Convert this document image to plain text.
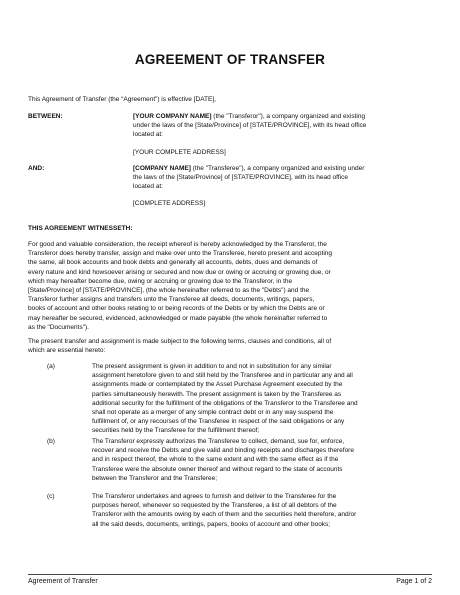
AGREEMENT OF TRANSFER
This Agreement of Transfer (the “Agreement”) is effective [DATE],
BETWEEN:	[YOUR COMPANY NAME] (the "Transferor"), a company organized and existing
under the laws of the [State/Province] of [STATE/PROVINCE], with its head office
located at:
[YOUR COMPLETE ADDRESS]
AND:	[COMPANY NAME] (the "Transferee"), a company organized and existing under
the laws of the [State/Province] of [STATE/PROVINCE], with its head office
located at:
[COMPLETE ADDRESS]
THIS AGREEMENT WITNESSETH:
For good and valuable consideration, the receipt whereof is hereby acknowledged by the Transferor, the
Transferor does hereby transfer, assign and make over unto the Transferee, hereto present and accepting
the same, all book accounts and book debts and generally all accounts, debts, dues and demands of
every nature and kind howsoever arising or secured and now due or owing or accruing or growing due, or
which may hereafter become due, owing or accruing or growing due to the Transferor, in the
[State/Province] of [STATE/PROVINCE], (the whole hereinafter referred to as the "Debts") and the
Transferor further assigns and transfers unto the Transferee all deeds, documents, writings, papers,
books of account and other books relating to or being records of the Debts or by which the Debts are or
may hereafter be secured, evidenced, acknowledged or made payable (the whole hereinafter referred to
as the "Documents").
The present transfer and assignment is made subject to the following terms, clauses and conditions, all of
which are essential hereto:
(a)	The present assignment is given in addition to and not in substitution for any similar
assignment heretofore given to and still held by the Transferee and in particular any and all
assignments made or contemplated by the Asset Purchase Agreement executed by the
parties simultaneously herewith. The present assignment is taken by the Transferee as
additional security for the fulfillment of the obligations of the Transferor to the Transferee and
shall not operate as a merger of any simple contract debt or in any way suspend the
fulfillment of, or any recourses of the Transferee in respect of the said obligations or any
securities held by the Transferee for the fulfillment thereof;
(b)	The Transferor expressly authorizes the Transferee to collect, demand, sue for, enforce,
recover and receive the Debts and give valid and binding receipts and discharges therefore
and in respect thereof, the whole to the same extent and with the same effect as if the
Transferee were the absolute owner thereof and without regard to the state of accounts
between the Transferor and the Transferee;
(c)	The Transferor undertakes and agrees to furnish and deliver to the Transferee for the
purposes hereof, whenever so requested by the Transferee, a list of all debtors of the
Transferor with the amounts owing by each of them and the securities held therefore, and/or
all the said deeds, documents, writings, papers, books of account and other books;
Agreement of Transfer	Page 1 of 2
